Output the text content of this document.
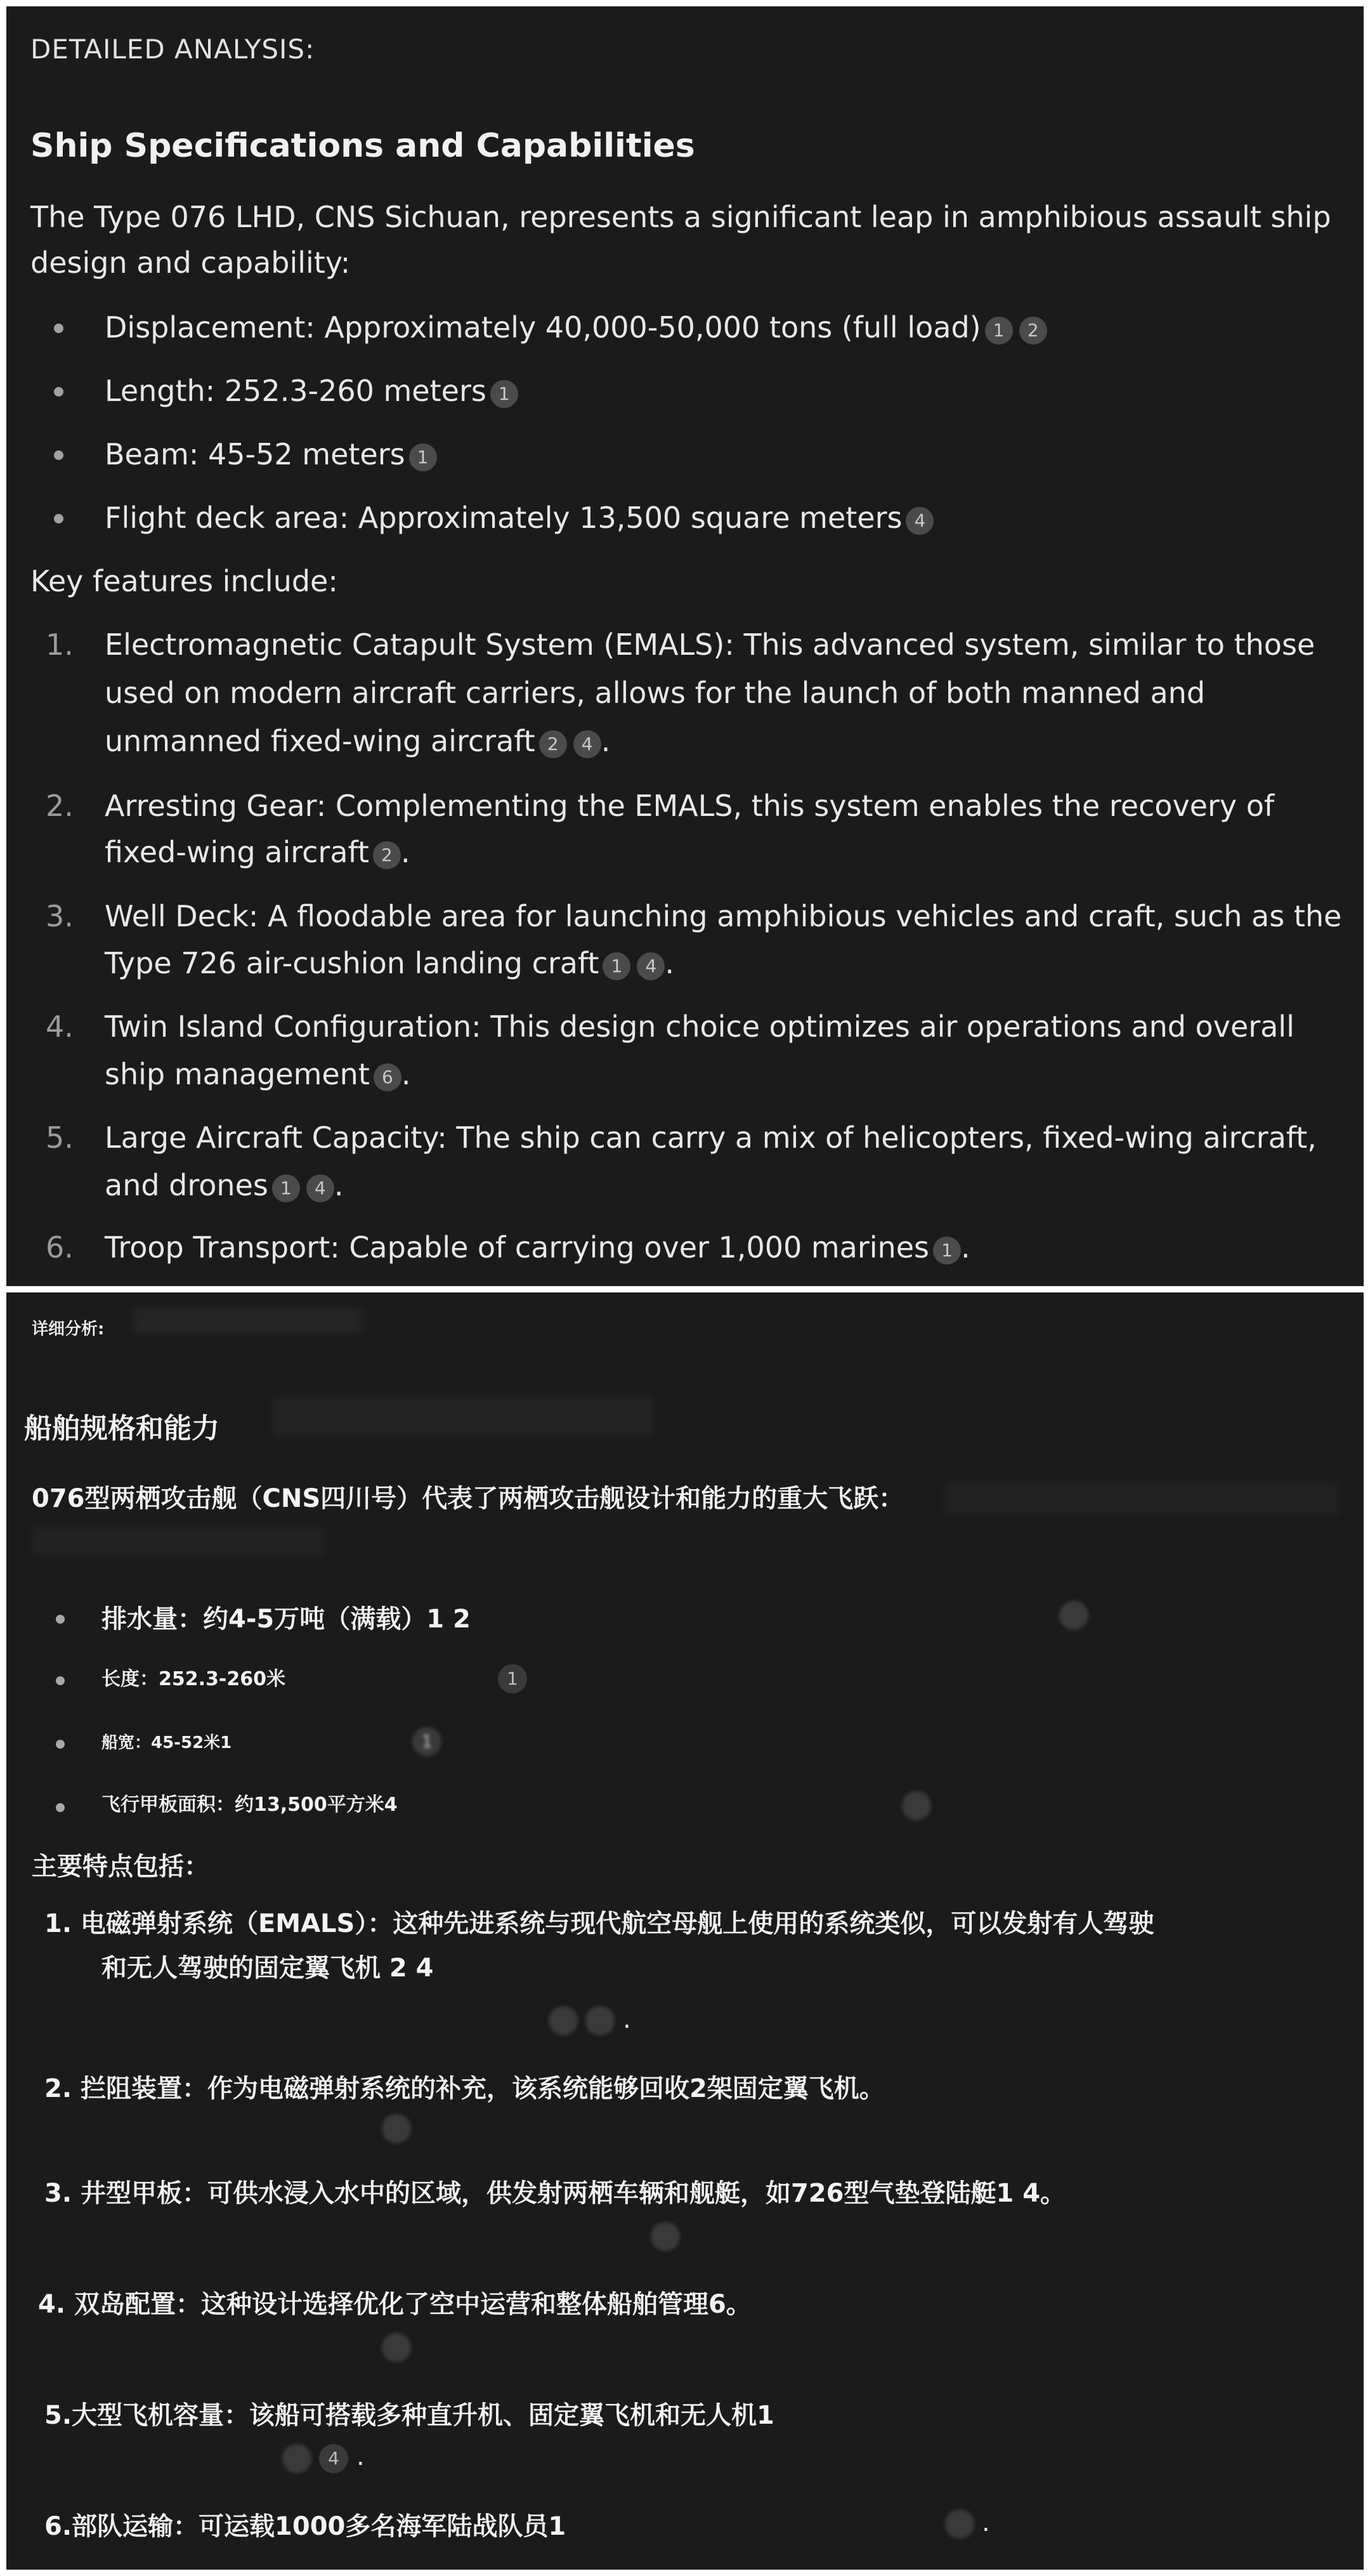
DETAILED ANALYSIS:
Ship Specifications and Capabilities
The Type 076 LHD, CNS Sichuan, represents a significant leap in amphibious assault ship
design and capability:
Displacement: Approximately 40,000-50,000 tons (full load) 1 2
Length: 252.3-260 meters 1
Beam: 45-52 meters 1
Flight deck area: Approximately 13,500 square meters 4
Key features include:
1. Electromagnetic Catapult System (EMALS): This advanced system, similar to those
used on modern aircraft carriers, allows for the launch of both manned and
unmanned fixed-wing aircraft 2 4 .
2. Arresting Gear: Complementing the EMALS, this system enables the recovery of
fixed-wing aircraft 2 .
3. Well Deck: A floodable area for launching amphibious vehicles and craft, such as the
Type 726 air-cushion landing craft 1 4 .
4. Twin Island Configuration: This design choice optimizes air operations and overall
ship management 6 .
5. Large Aircraft Capacity: The ship can carry a mix of helicopters, fixed-wing aircraft,
and drones 1 4 .
6. Troop Transport: Capable of carrying over 1,000 marines 1 .
详细分析:
船舶规格和能力
076型两栖攻击舰（CNS四川号）代表了两栖攻击舰设计和能力的重大飞跃：
排水量：约4-5万吨（满载）1 2
长度：252.3-260米	1
船宽：45-52米1	1
飞行甲板面积：约13,500平方米4
主要特点包括：
1. 电磁弹射系统（EMALS）：这种先进系统与现代航空母舰上使用的系统类似，可以发射有人驾驶
和无人驾驶的固定翼飞机 2 4
.
2. 拦阻装置：作为电磁弹射系统的补充，该系统能够回收2架固定翼飞机。
3. 井型甲板：可供水浸入水中的区域，供发射两栖车辆和舰艇，如726型气垫登陆艇1 4。
4. 双岛配置：这种设计选择优化了空中运营和整体船舶管理6。
5.大型飞机容量：该船可搭载多种直升机、固定翼飞机和无人机1
4 .
6.部队运输：可运载1000多名海军陆战队员1	.
